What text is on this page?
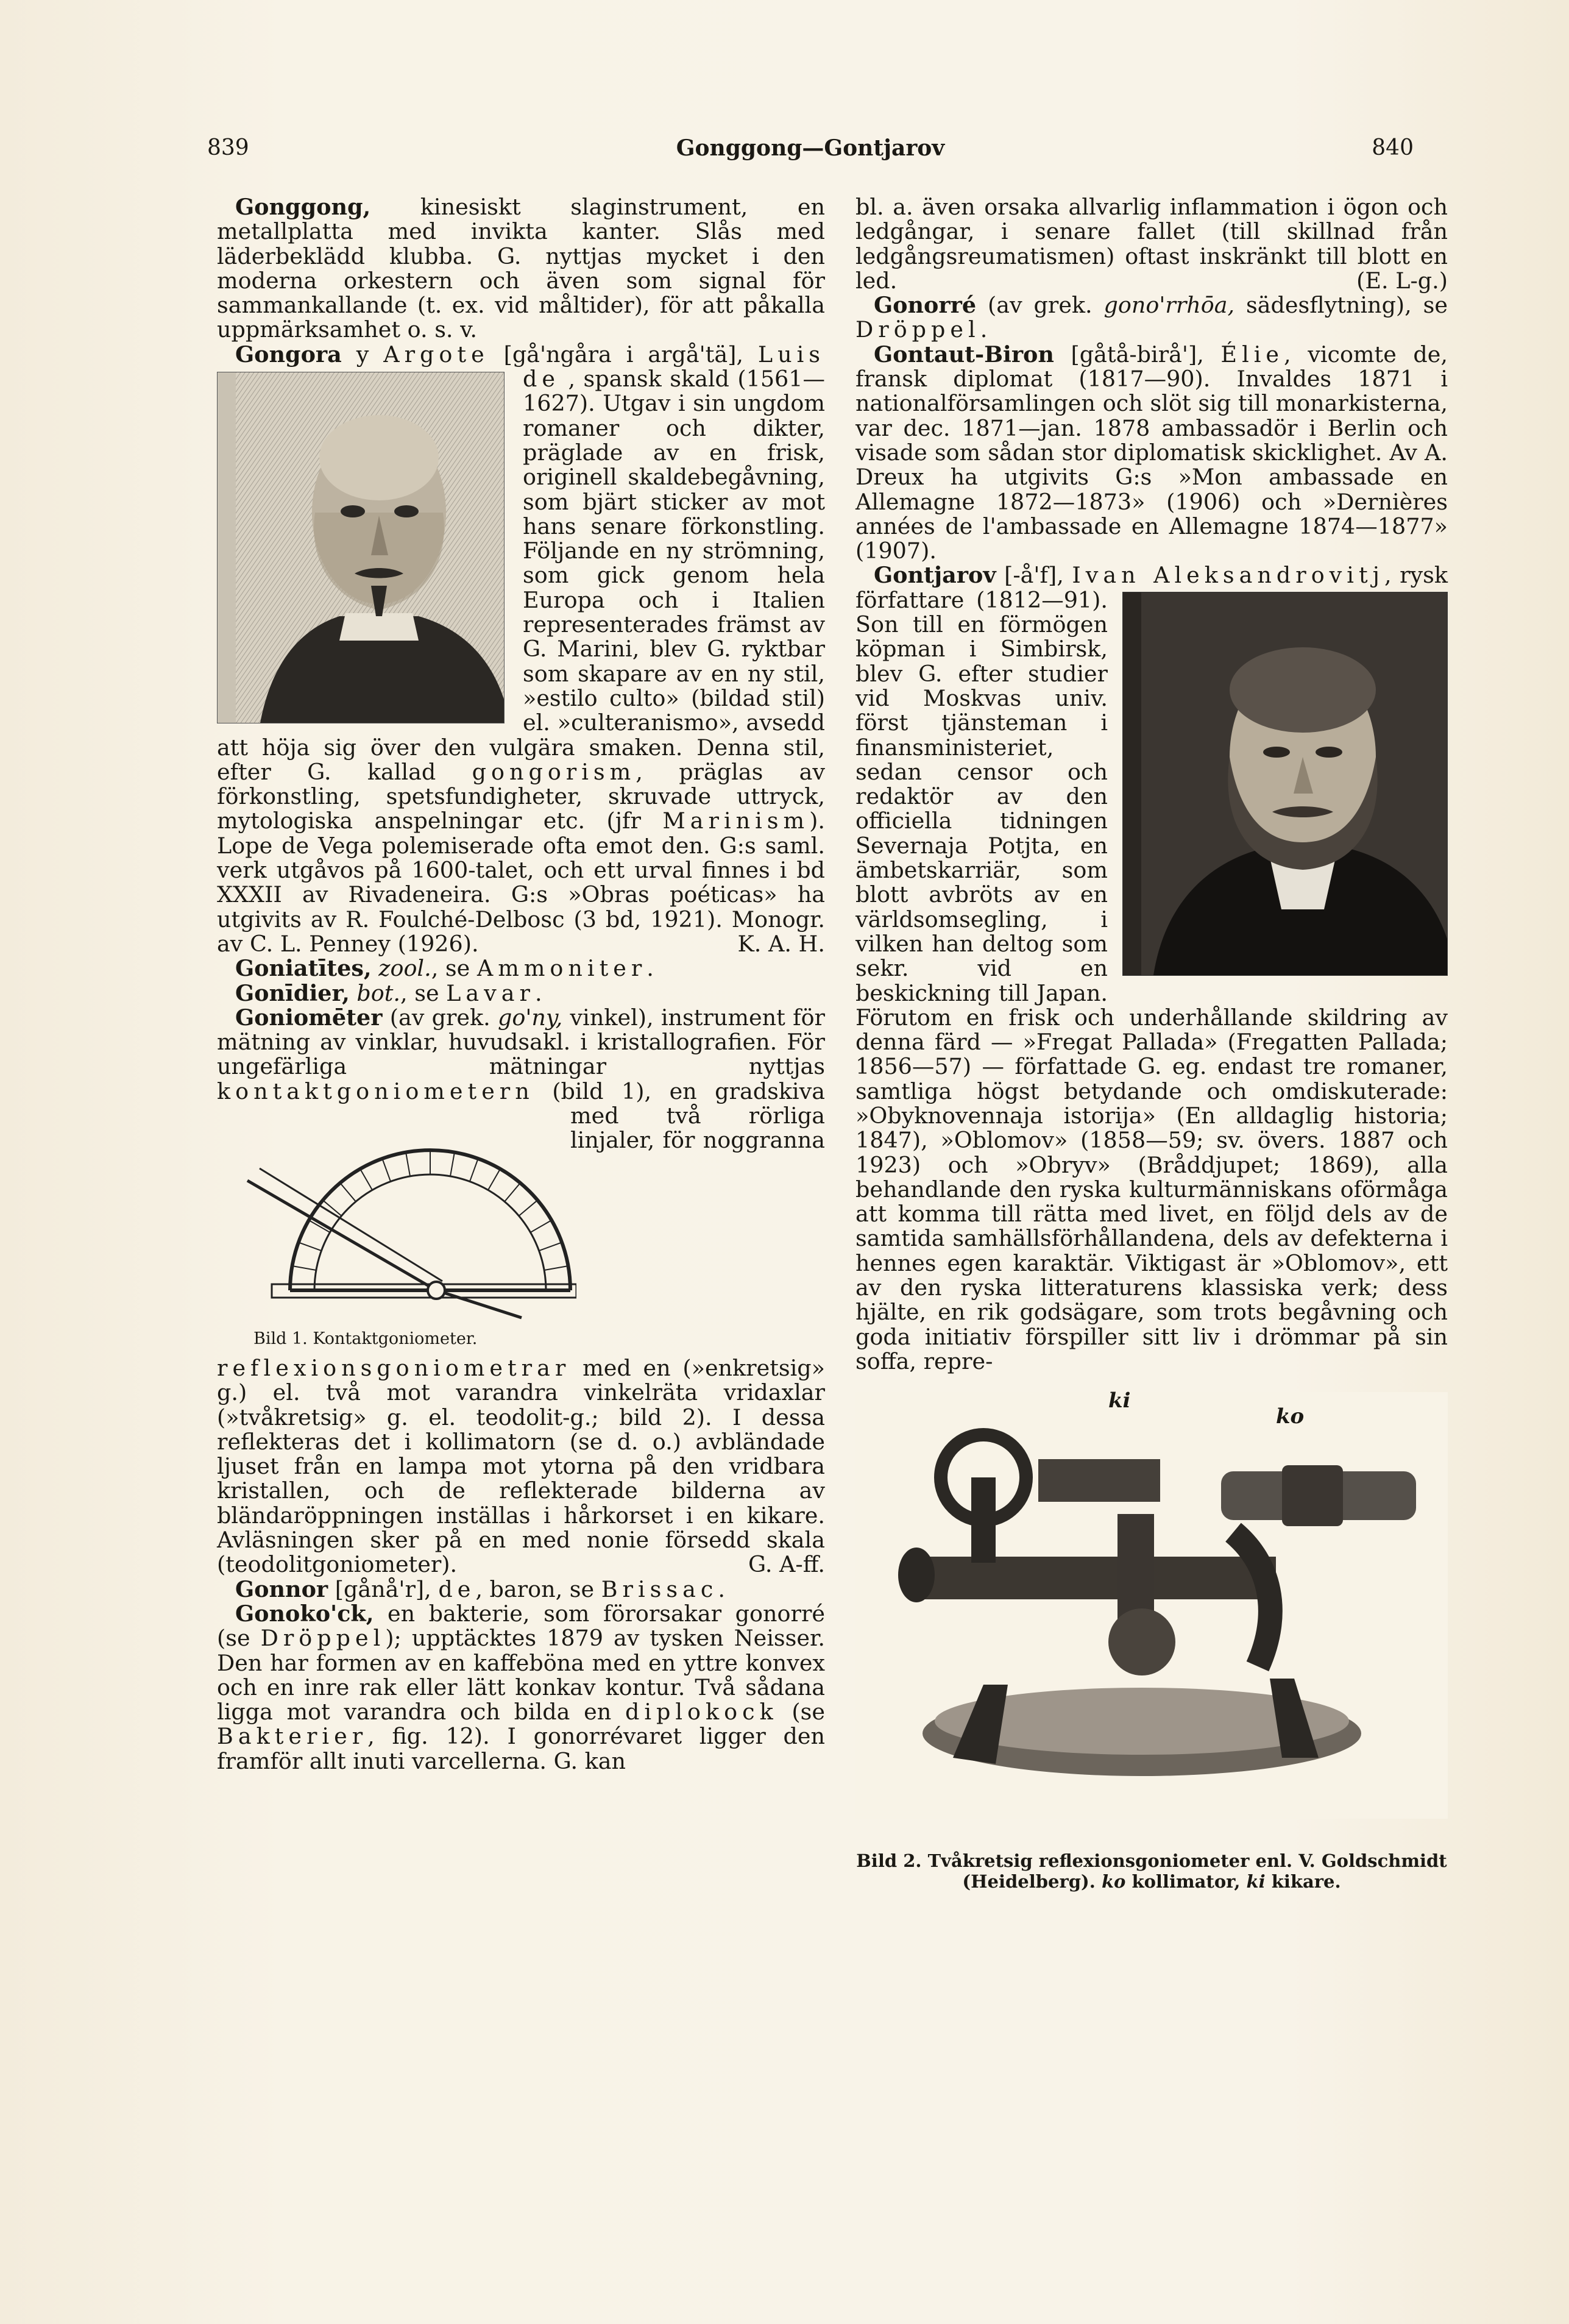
839	Gonggong—Gontjarov	840

Gonggong, kinesiskt slaginstrument, en metallplatta med invikta kanter. Slås med läderbeklädd klubba. G. nyttjas mycket i den moderna orkestern och även som signal för sammankallande (t. ex. vid måltider), för att påkalla uppmärksamhet o. s. v.

Gongora y Argote [gå'ngåra i argå'tä], Luis de , spansk skald (1561—1627). Utgav i sin ungdom romaner och dikter, präglade av en frisk, originell skaldebegåvning, som bjärt sticker av mot hans senare förkonstling. Följande en ny strömning, som gick genom hela Europa och i Italien representerades främst av G. Marini, blev G. ryktbar som skapare av en ny stil, »estilo culto» (bildad stil) el. »culteranismo», avsedd att höja sig över den vulgära smaken. Denna stil, efter G. kallad gongorism, präglas av förkonstling, spetsfundigheter, skruvade uttryck, mytologiska anspelningar etc. (jfr Marinism). Lope de Vega polemiserade ofta emot den. G:s saml. verk utgåvos på 1600-talet, och ett urval finnes i bd XXXII av Rivadeneira. G:s »Obras poéticas» ha utgivits av R. Foulché-Delbosc (3 bd, 1921). Monogr. av C. L. Penney (1926).	K. A. H.

Goniatītes, zool., se Ammoniter.

Gonīdier, bot., se Lavar.

Goniomēter (av grek. go'ny, vinkel), instrument för mätning av vinklar, huvudsakl. i kristallografien. För ungefärliga mätningar nyttjas kontaktgoniometern
Bild 1. Kontaktgoniometer.
(bild 1), en gradskiva med två rörliga linjaler, för noggranna reflexionsgoniometrar med en (»enkretsig» g.) el. två mot varandra vinkelräta vridaxlar (»tvåkretsig» g. el. teodolit-g.; bild 2). I dessa reflekteras det i kollimatorn (se d. o.) avbländade ljuset från en lampa mot ytorna på den vridbara kristallen, och de reflekterade bilderna av bländaröppningen inställas i hårkorset i en kikare. Avläsningen sker på en med nonie försedd skala (teodolitgoniometer).	G. A-ff.

Gonnor [gånå'r], de, baron, se Brissac.

Gonoko'ck, en bakterie, som förorsakar gonorré (se Dröppel); upptäcktes 1879 av tysken Neisser. Den har formen av en kaffeböna med en yttre konvex och en inre rak eller lätt konkav kontur. Två sådana ligga mot varandra och bilda en diplokock (se Bakterier, fig. 12). I gonorrévaret ligger den framför allt inuti varcellerna. G. kan

bl. a. även orsaka allvarlig inflammation i ögon och ledgångar, i senare fallet (till skillnad från ledgångsreumatismen) oftast inskränkt till blott en led.	(E. L-g.)

Gonorré (av grek. gono'rrhōa, sädesflytning), se Dröppel.

Gontaut-Biron [gåtå-birå'], Élie, vicomte de, fransk diplomat (1817—90). Invaldes 1871 i nationalförsamlingen och slöt sig till monarkisterna, var dec. 1871—jan. 1878 ambassadör i Berlin och visade som sådan stor diplomatisk skicklighet. Av A. Dreux ha utgivits G:s »Mon ambassade en Allemagne 1872—1873» (1906) och »Dernières années de l'ambassade en Allemagne 1874—1877» (1907).

Gontjarov [-å'f], Ivan Aleksandrovitj
, rysk författare (1812—91). Son till en förmögen köpman i Simbirsk, blev G. efter studier vid Moskvas univ. först tjänsteman i finansministeriet, sedan censor och redaktör av den officiella tidningen Severnaja Potjta, en ämbetskarriär, som blott avbröts av en världsomsegling, i vilken han deltog som sekr. vid en beskickning till Japan. Förutom en frisk och underhållande skildring av denna färd — »Fregat Pallada» (Fregatten Pallada; 1856—57) — författade G. eg. endast tre romaner, samtliga högst betydande och omdiskuterade: »Obyknovennaja istorija» (En alldaglig historia; 1847), »Oblomov» (1858—59; sv. övers. 1887 och 1923) och »Obryv» (Bråddjupet; 1869), alla behandlande den ryska kulturmänniskans oförmåga att komma till rätta med livet, en följd dels av de samtida samhällsförhållandena, dels av defekterna i hennes egen karaktär. Viktigast är »Oblomov», ett av den ryska litteraturens klassiska verk; dess hjälte, en rik godsägare, som trots begåvning och goda initiativ förspiller sitt liv i drömmar på sin soffa, repre-

ki
ko
Bild 2. Tvåkretsig reflexionsgoniometer enl. V. Goldschmidt (Heidelberg). ko kollimator, ki kikare.
